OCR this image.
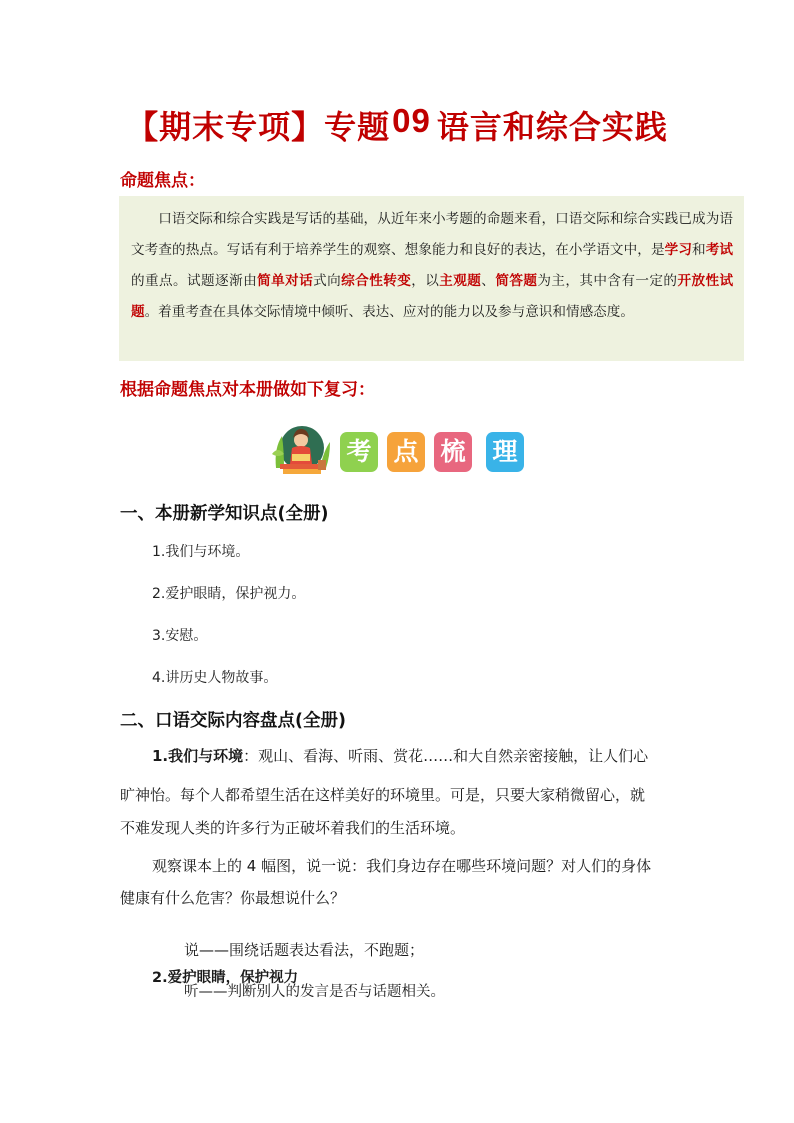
【期末专项】专题09 语言和综合实践
命题焦点：

口语交际和综合实践是写话的基础，从近年来小考题的命题来看，口语交际和综合实践已成为语文考查的热点。写话有利于培养学生的观察、想象能力和良好的表达，在小学语文中，是学习和考试的重点。试题逐渐由简单对话式向综合性转变，以主观题、简答题为主，其中含有一定的开放性试题。着重考查在具体交际情境中倾听、表达、应对的能力以及参与意识和情感态度。

根据命题焦点对本册做如下复习：
考 点 梳 理
一、本册新学知识点(全册)
1.我们与环境。
2.爱护眼睛，保护视力。
3.安慰。
4.讲历史人物故事。
二、口语交际内容盘点(全册)
1.我们与环境：观山、看海、听雨、赏花……和大自然亲密接触，让人们心
旷神怡。每个人都希望生活在这样美好的环境里。可是，只要大家稍微留心，就
不难发现人类的许多行为正破坏着我们的生活环境。
观察课本上的 4 幅图，说一说：我们身边存在哪些环境问题？对人们的身体
健康有什么危害？你最想说什么？
说——围绕话题表达看法，不跑题；
2.爱护眼睛，保护视力
听——判断别人的发言是否与话题相关。
